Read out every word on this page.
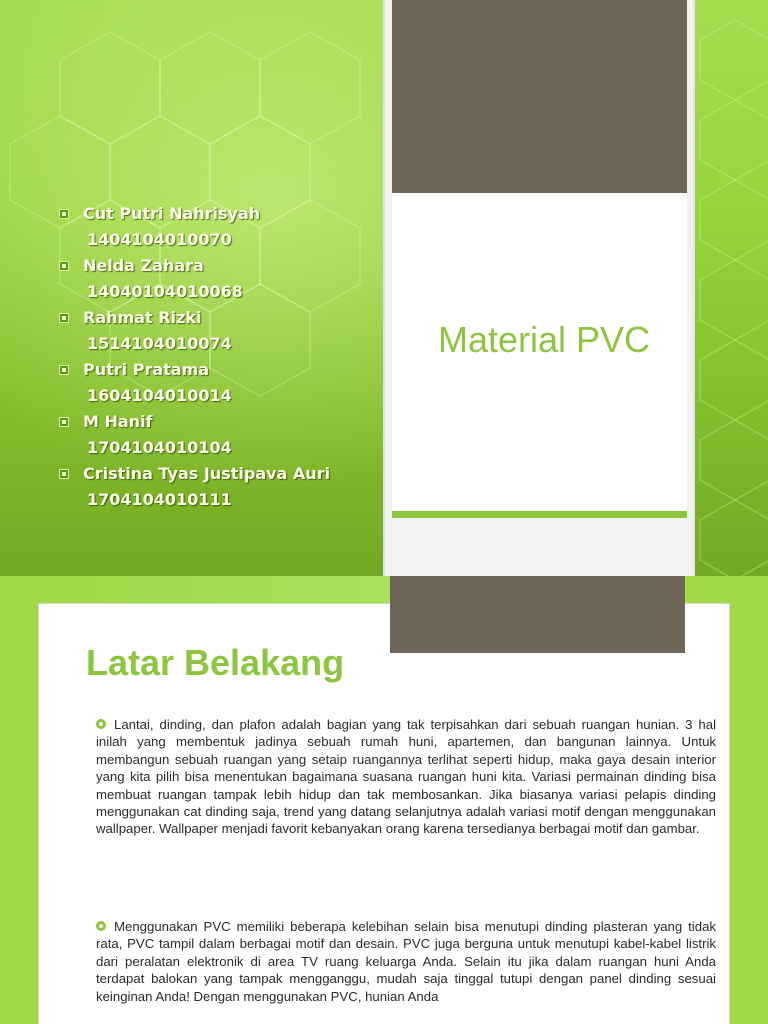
Cut Putri Nahrisyah
1404104010070
Nelda Zahara
14040104010068
Rahmat Rizki
1514104010074
Putri Pratama
1604104010014
M Hanif
1704104010104
Cristina Tyas Justipava Auri
1704104010111
Material PVC
Latar Belakang

Lantai, dinding, dan plafon adalah bagian yang tak terpisahkan dari sebuah ruangan hunian. 3 hal inilah yang membentuk jadinya sebuah rumah huni, apartemen, dan bangunan lainnya. Untuk membangun sebuah ruangan yang setaip ruangannya terlihat seperti hidup, maka gaya desain interior yang kita pilih bisa menentukan bagaimana suasana ruangan huni kita. Variasi permainan dinding bisa membuat ruangan tampak lebih hidup dan tak membosankan. Jika biasanya variasi pelapis dinding menggunakan cat dinding saja, trend yang datang selanjutnya adalah variasi motif dengan menggunakan wallpaper. Wallpaper menjadi favorit kebanyakan orang karena tersedianya berbagai motif dan gambar.

Menggunakan PVC memiliki beberapa kelebihan selain bisa menutupi dinding plasteran yang tidak rata, PVC tampil dalam berbagai motif dan desain. PVC juga berguna untuk menutupi kabel-kabel listrik dari peralatan elektronik di area TV ruang keluarga Anda. Selain itu jika dalam ruangan huni Anda terdapat balokan yang tampak mengganggu, mudah saja tinggal tutupi dengan panel dinding sesuai keinginan Anda! Dengan menggunakan PVC, hunian Anda
